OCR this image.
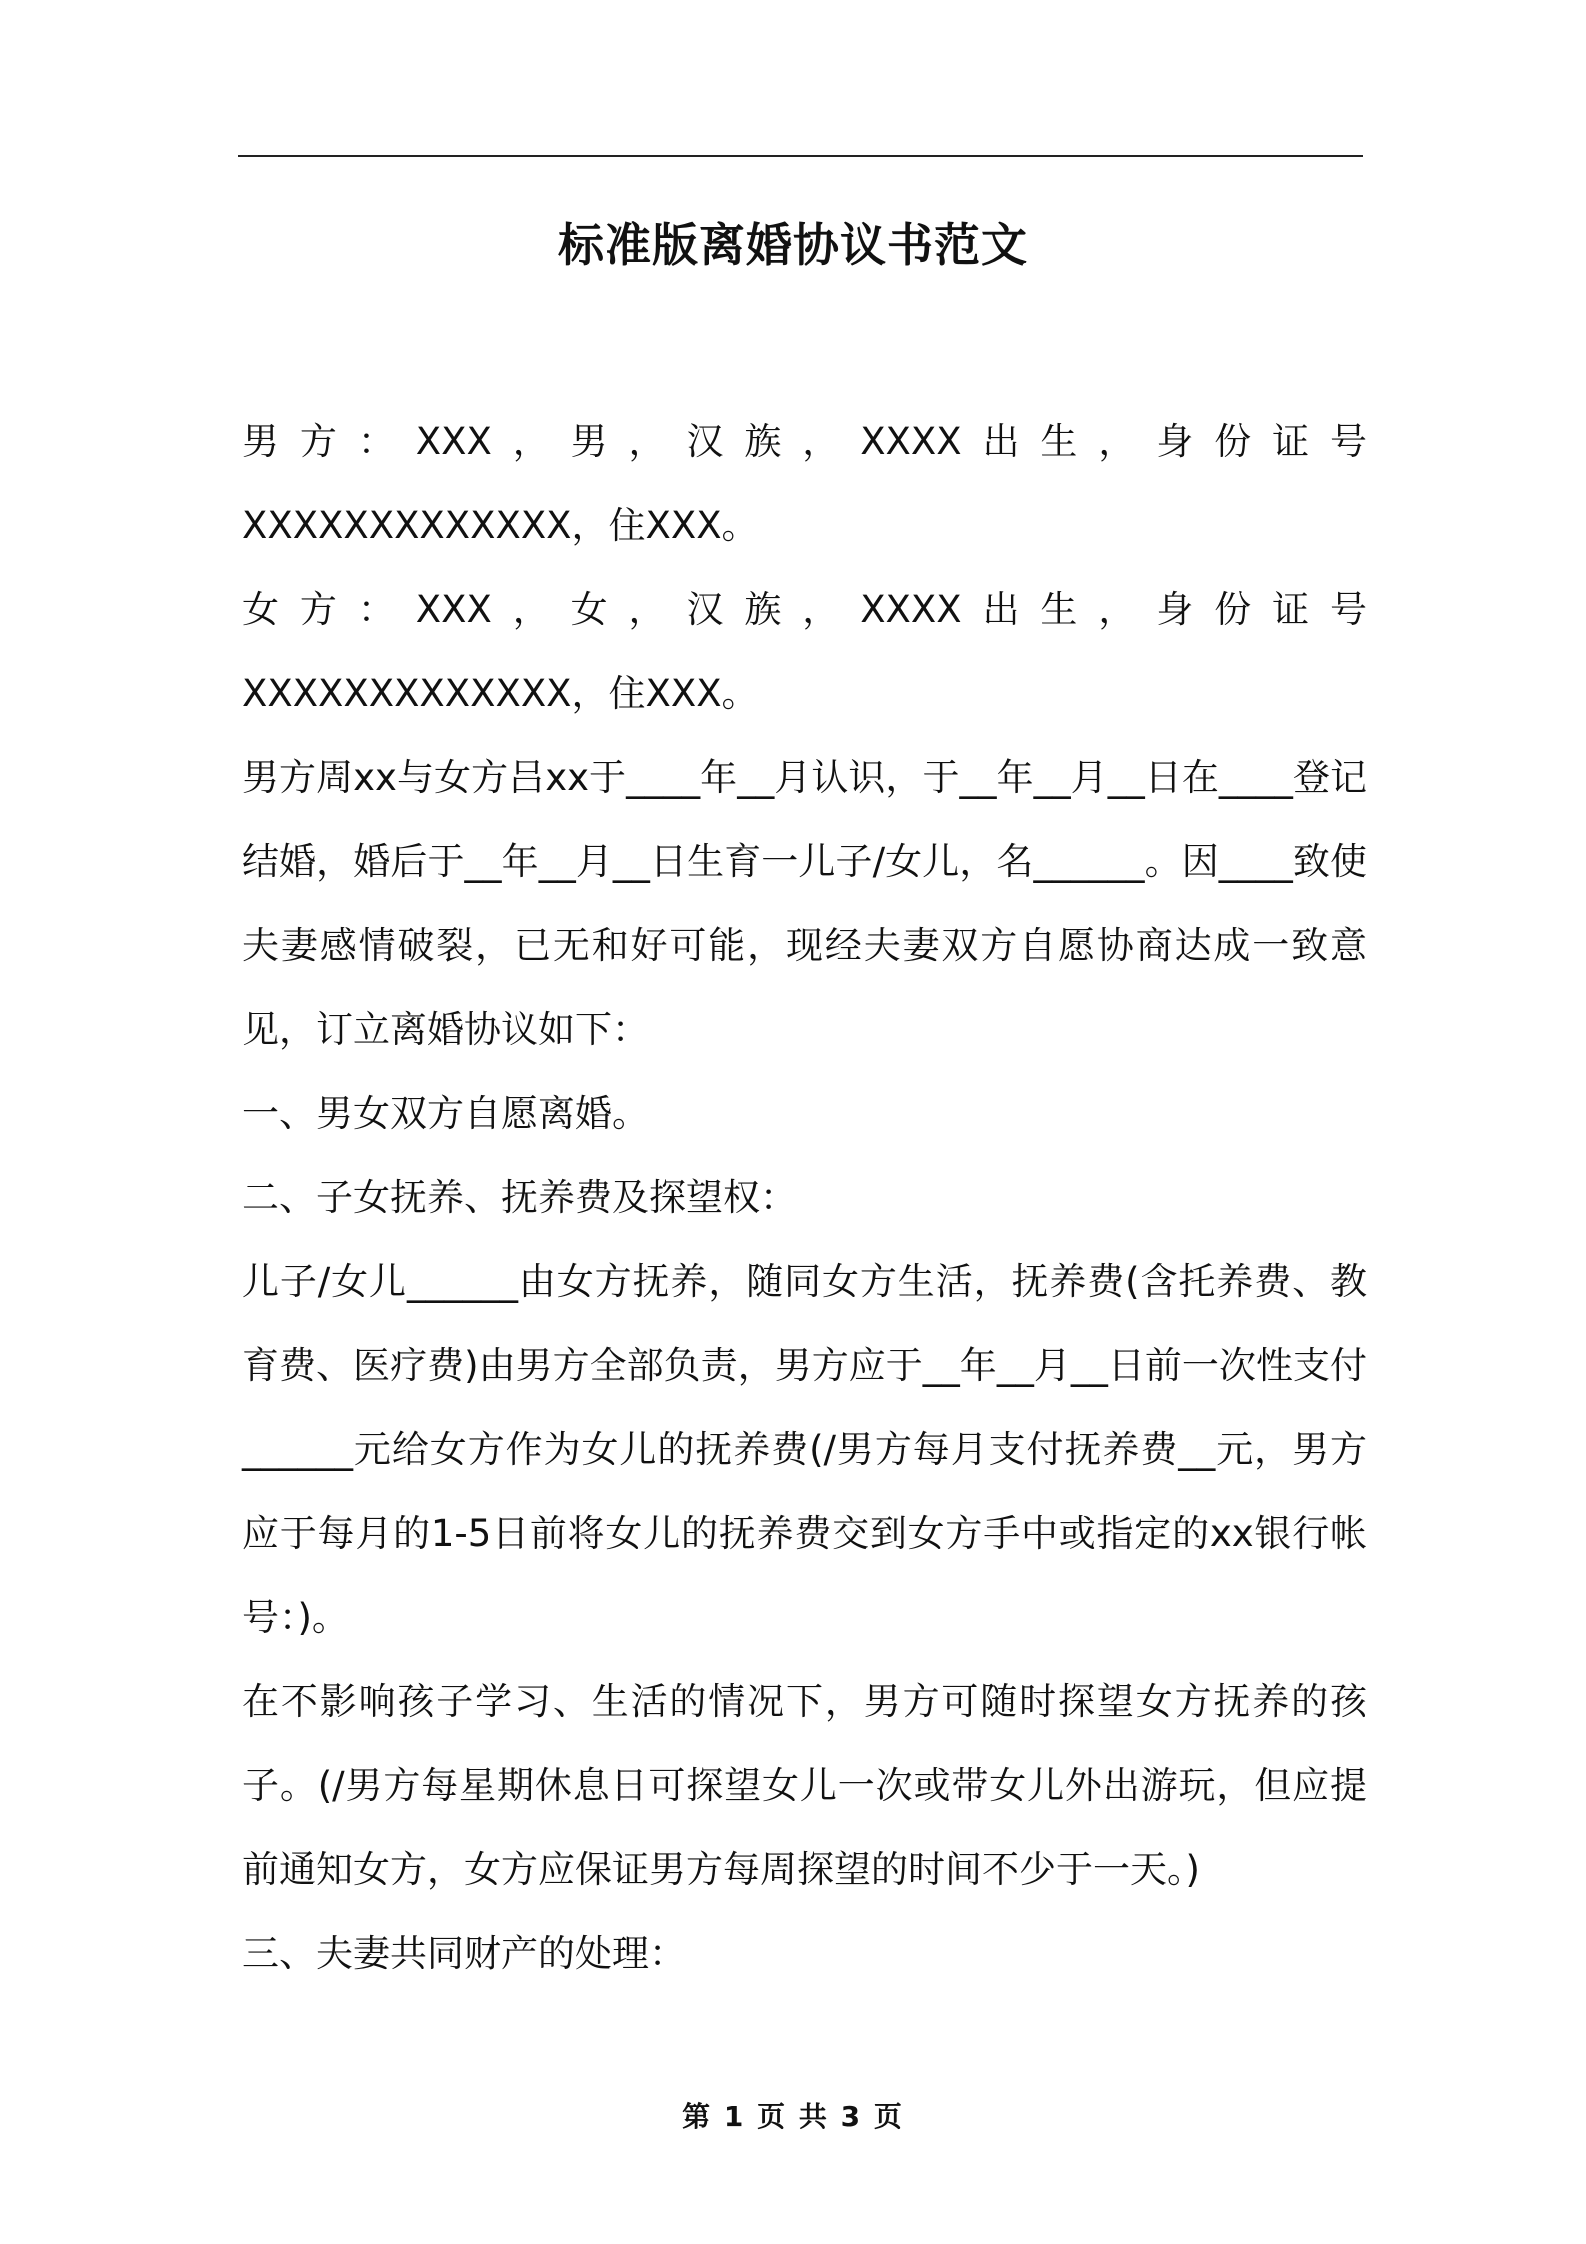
标准版离婚协议书范文

男方：XXX，男，汉族，XXXX出生，身份证号XXXXXXXXXXXXX，住XXX。

女方：XXX，女，汉族，XXXX出生，身份证号XXXXXXXXXXXXX，住XXX。

男方周xx与女方吕xx于____年__月认识，于__年__月__日在____登记结婚，婚后于__年__月__日生育一儿子/女儿，名______。因____致使夫妻感情破裂，已无和好可能，现经夫妻双方自愿协商达成一致意见，订立离婚协议如下：

一、男女双方自愿离婚。

二、子女抚养、抚养费及探望权：

儿子/女儿______由女方抚养，随同女方生活，抚养费(含托养费、教育费、医疗费)由男方全部负责，男方应于__年__月__日前一次性支付______元给女方作为女儿的抚养费(/男方每月支付抚养费__元，男方应于每月的1-5日前将女儿的抚养费交到女方手中或指定的xx银行帐号：)。

在不影响孩子学习、生活的情况下，男方可随时探望女方抚养的孩子。(/男方每星期休息日可探望女儿一次或带女儿外出游玩，但应提前通知女方，女方应保证男方每周探望的时间不少于一天。)

三、夫妻共同财产的处理：

第 1 页 共 3 页
